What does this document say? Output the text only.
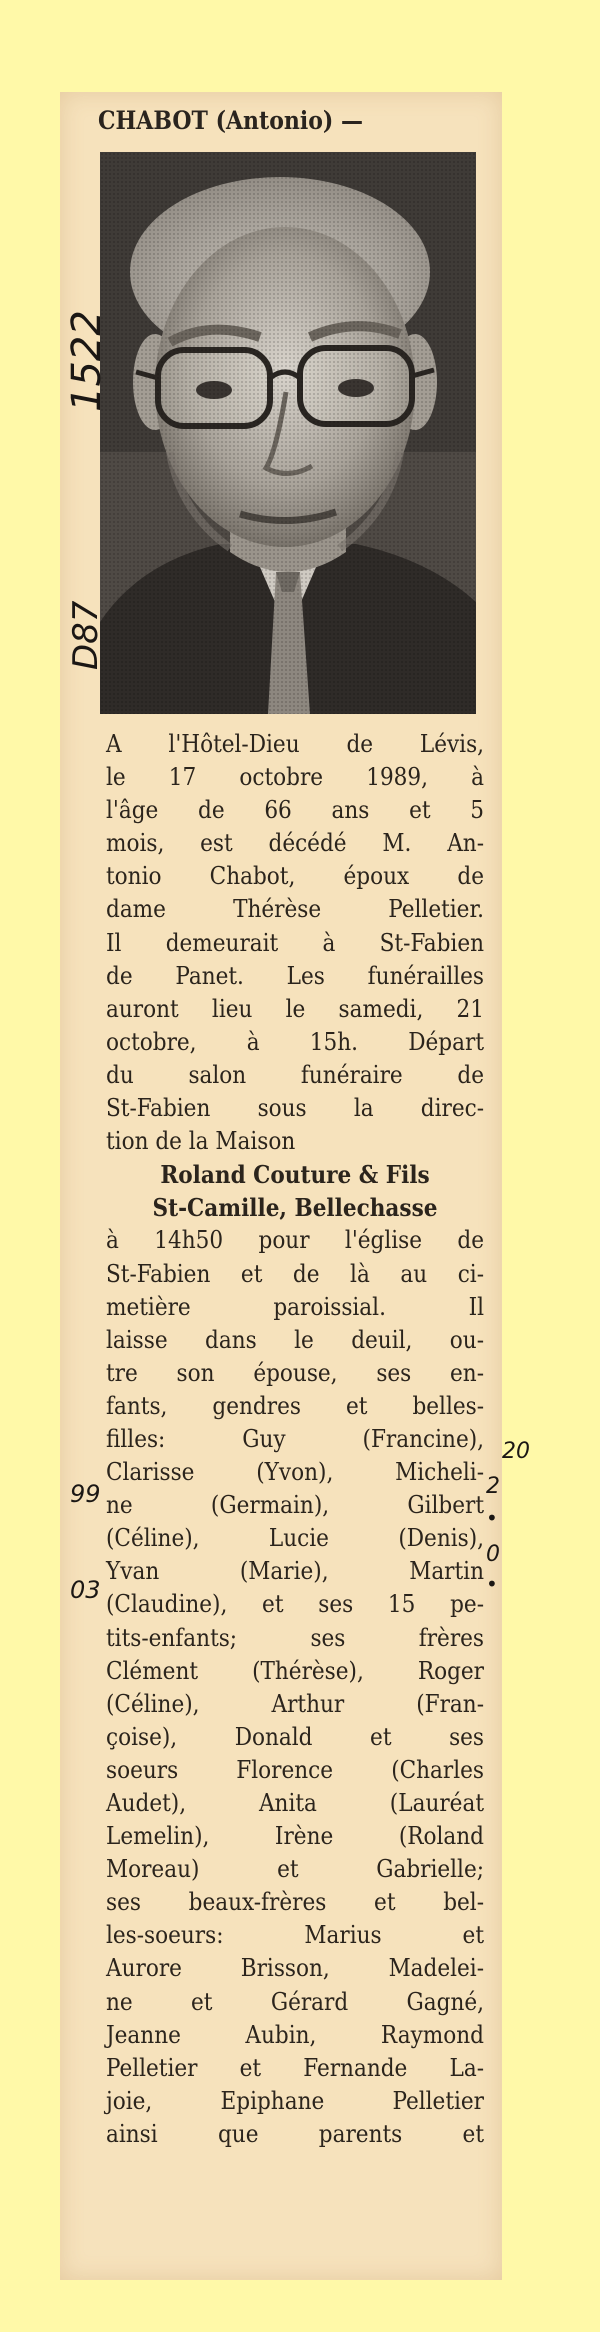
CHABOT (Antonio) —
A l'Hôtel-Dieu de Lévis,
le 17 octobre 1989, à
l'âge de 66 ans et 5
mois, est décédé M. An-
tonio Chabot, époux de
dame Thérèse Pelletier.
Il demeurait à St-Fabien
de Panet. Les funérailles
auront lieu le samedi, 21
octobre, à 15h. Départ
du salon funéraire de
St-Fabien sous la direc-
tion de la Maison
Roland Couture & Fils
St-Camille, Bellechasse
à 14h50 pour l'église de
St-Fabien et de là au ci-
metière paroissial. Il
laisse dans le deuil, ou-
tre son épouse, ses en-
fants, gendres et belles-
filles: Guy (Francine),
Clarisse (Yvon), Micheli-
ne (Germain), Gilbert
(Céline), Lucie (Denis),
Yvan (Marie), Martin
(Claudine), et ses 15 pe-
tits-enfants; ses frères
Clément (Thérèse), Roger
(Céline), Arthur (Fran-
çoise), Donald et ses
soeurs Florence (Charles
Audet), Anita (Lauréat
Lemelin), Irène (Roland
Moreau) et Gabrielle;
ses beaux-frères et bel-
les-soeurs: Marius et
Aurore Brisson, Madelei-
ne et Gérard Gagné,
Jeanne Aubin, Raymond
Pelletier et Fernande La-
joie, Epiphane Pelletier
ainsi que parents et
1522
D87
20
99	2
•
0
03	•
